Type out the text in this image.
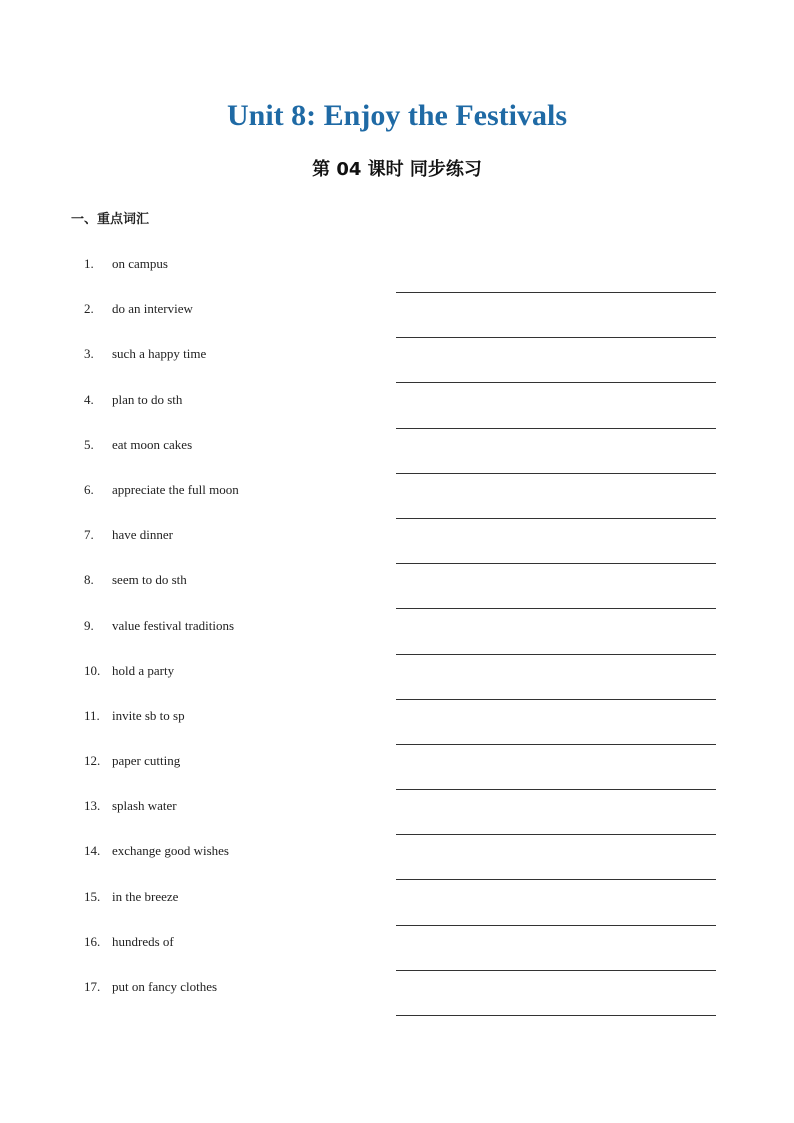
Unit 8: Enjoy the Festivals
第 04 课时 同步练习
一、重点词汇
1. on campus
2. do an interview
3. such a happy time
4. plan to do sth
5. eat moon cakes
6. appreciate the full moon
7. have dinner
8. seem to do sth
9. value festival traditions
10. hold a party
11. invite sb to sp
12. paper cutting
13. splash water
14. exchange good wishes
15. in the breeze
16. hundreds of
17. put on fancy clothes
